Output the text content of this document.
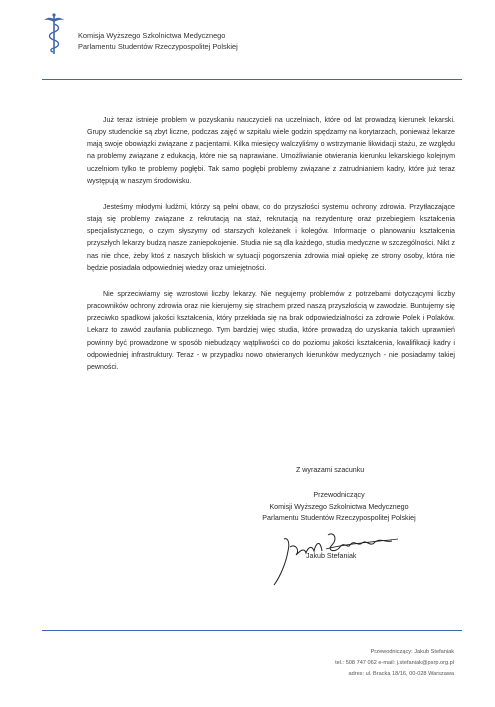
Komisja Wyższego Szkolnictwa Medycznego
Parlamentu Studentów Rzeczypospolitej Polskiej

Już teraz istnieje problem w pozyskaniu nauczycieli na uczelniach, które od lat prowadzą kierunek lekarski. Grupy studenckie są zbyt liczne, podczas zajęć w szpitalu wiele godzin spędzamy na korytarzach, ponieważ lekarze mają swoje obowiązki związane z pacjentami. Kilka miesięcy walczyliśmy o wstrzymanie likwidacji stażu, ze względu na problemy związane z edukacją, które nie są naprawiane. Umożliwianie otwierania kierunku lekarskiego kolejnym uczelniom tylko te problemy pogłębi. Tak samo pogłębi problemy związane z zatrudnianiem kadry, które już teraz występują w naszym środowisku.

Jesteśmy młodymi ludźmi, którzy są pełni obaw, co do przyszłości systemu ochrony zdrowia. Przytłaczające stają się problemy związane z rekrutacją na staż, rekrutacją na rezydenturę oraz przebiegiem kształcenia specjalistycznego, o czym słyszymy od starszych koleżanek i kolegów. Informacje o planowaniu kształcenia przyszłych lekarzy budzą nasze zaniepokojenie. Studia nie są dla każdego, studia medyczne w szczególności. Nikt z nas nie chce, żeby ktoś z naszych bliskich w sytuacji pogorszenia zdrowia miał opiekę ze strony osoby, która nie będzie posiadała odpowiedniej wiedzy oraz umiejętności.

Nie sprzeciwiamy się wzrostowi liczby lekarzy. Nie negujemy problemów z potrzebami dotyczącymi liczby pracowników ochrony zdrowia oraz nie kierujemy się strachem przed naszą przyszłością w zawodzie. Buntujemy się przeciwko spadkowi jakości kształcenia, który przekłada się na brak odpowiedzialności za zdrowie Polek i Polaków. Lekarz to zawód zaufania publicznego. Tym bardziej więc studia, które prowadzą do uzyskania takich uprawnień powinny być prowadzone w sposób niebudzący wątpliwości co do poziomu jakości kształcenia, kwalifikacji kadry i odpowiedniej infrastruktury. Teraz - w przypadku nowo otwieranych kierunków medycznych - nie posiadamy takiej pewności.

Z wyrazami szacunku
Przewodniczący
Komisji Wyższego Szkolnictwa Medycznego
Parlamentu Studentów Rzeczypospolitej Polskiej
Jakub Stefaniak
Przewodniczący: Jakub Stefaniak
tel.: 508 747 062 e-mail: j.stefaniak@psrp.org.pl
adres: ul. Bracka 18/16, 00-028 Warszawa
